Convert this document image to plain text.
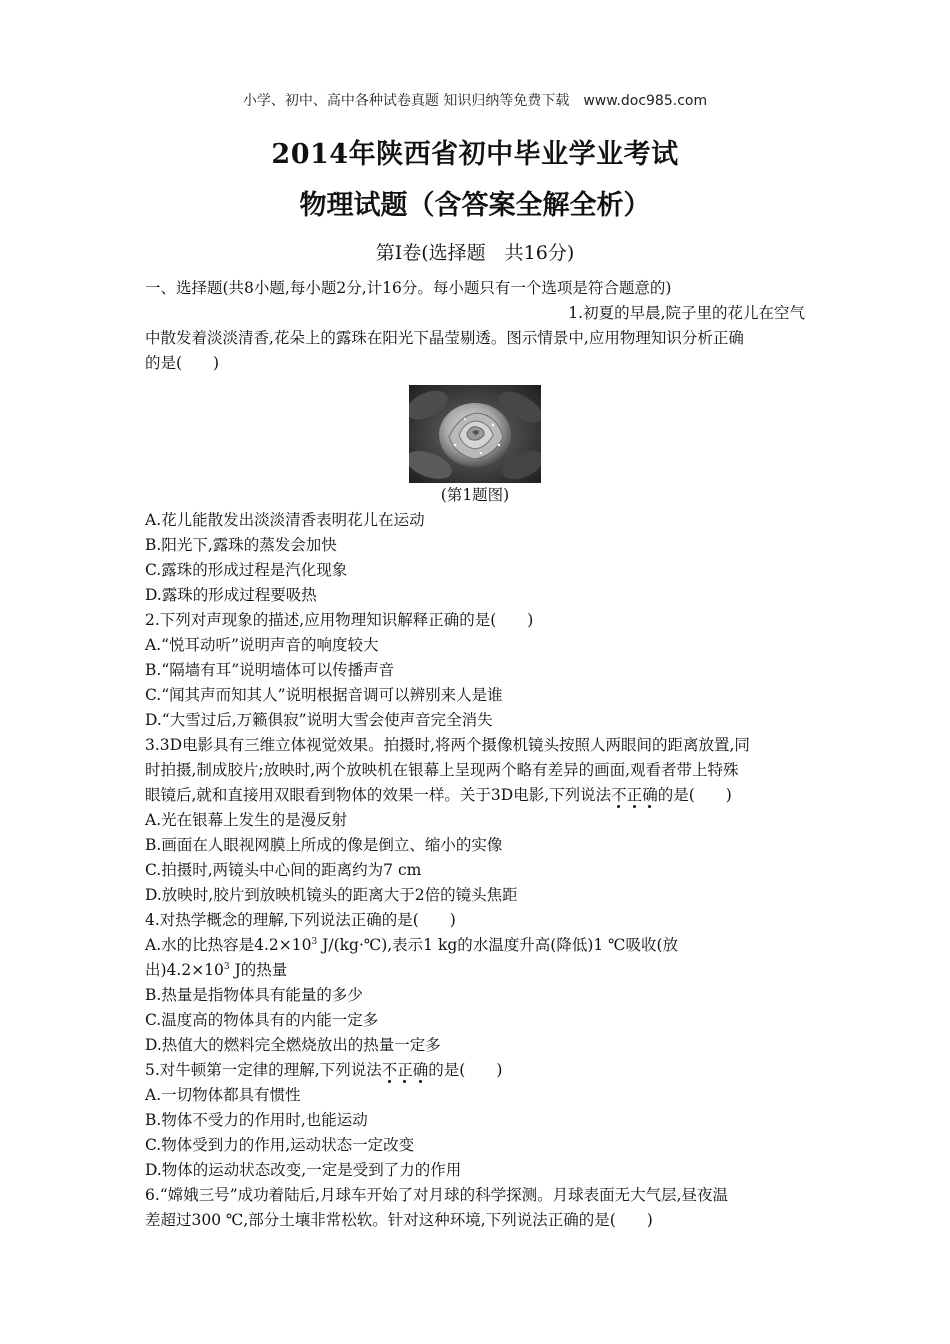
小学、初中、高中各种试卷真题 知识归纳等免费下载　www.doc985.com
2014年陕西省初中毕业学业考试
物理试题（含答案全解全析）
第Ⅰ卷(选择题　共16分)
一、选择题(共8小题,每小题2分,计16分。每小题只有一个选项是符合题意的)
1.初夏的早晨,院子里的花儿在空气
中散发着淡淡清香,花朵上的露珠在阳光下晶莹剔透。图示情景中,应用物理知识分析正确
的是(　　)
(第1题图)
A.花儿能散发出淡淡清香表明花儿在运动
B.阳光下,露珠的蒸发会加快
C.露珠的形成过程是汽化现象
D.露珠的形成过程要吸热
2.下列对声现象的描述,应用物理知识解释正确的是(　　)
A.“悦耳动听”说明声音的响度较大
B.“隔墙有耳”说明墙体可以传播声音
C.“闻其声而知其人”说明根据音调可以辨别来人是谁
D.“大雪过后,万籁俱寂”说明大雪会使声音完全消失
3.3D电影具有三维立体视觉效果。拍摄时,将两个摄像机镜头按照人两眼间的距离放置,同
时拍摄,制成胶片;放映时,两个放映机在银幕上呈现两个略有差异的画面,观看者带上特殊
眼镜后,就和直接用双眼看到物体的效果一样。关于3D电影,下列说法不正确的是(　　)
A.光在银幕上发生的是漫反射
B.画面在人眼视网膜上所成的像是倒立、缩小的实像
C.拍摄时,两镜头中心间的距离约为7 cm
D.放映时,胶片到放映机镜头的距离大于2倍的镜头焦距
4.对热学概念的理解,下列说法正确的是(　　)
A.水的比热容是$4.2\times 10^3$ J/(kg·℃),表示1 kg的水温度升高(降低)1 ℃吸收(放
出)$4.2\times 10^3$ J的热量
B.热量是指物体具有能量的多少
C.温度高的物体具有的内能一定多
D.热值大的燃料完全燃烧放出的热量一定多
5.对牛顿第一定律的理解,下列说法不正确的是(　　)
A.一切物体都具有惯性
B.物体不受力的作用时,也能运动
C.物体受到力的作用,运动状态一定改变
D.物体的运动状态改变,一定是受到了力的作用
6.“嫦娥三号”成功着陆后,月球车开始了对月球的科学探测。月球表面无大气层,昼夜温
差超过300 ℃,部分土壤非常松软。针对这种环境,下列说法正确的是(　　)
